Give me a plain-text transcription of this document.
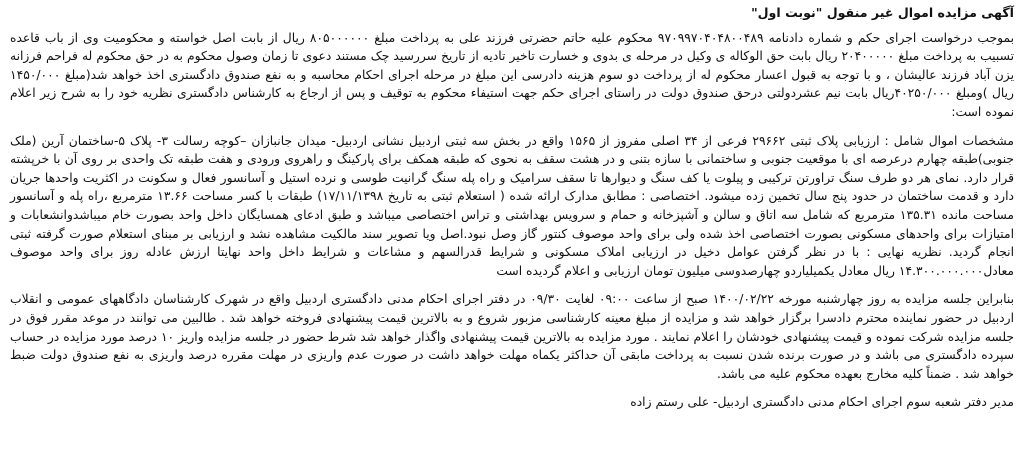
آگهی مزایده اموال غیر منقول "نوبت اول"

بموجب درخواست اجرای حکم و شماره دادنامه ۹۷۰۹۹۷۰۴۰۴۸۰۰۴۸۹ محکوم علیه حاتم حضرتی فرزند علی به پرداخت مبلغ ۸۰۵۰۰۰۰۰۰ ریال از بابت اصل خواسته و محکومیت وی از باب قاعده تسبیب به پرداخت مبلغ ۲۰۴۰۰۰۰۰ ریال بابت حق الوکاله ی وکیل در مرحله ی بدوی و خسارت تاخیر تادیه از تاریخ سررسید چک مستند دعوی تا زمان وصول محکوم به در حق محکوم له فراحم فرزانه یزن آباد فرزند عالیشان ، و با توجه به قبول اعسار محکوم له از پرداخت دو سوم هزینه دادرسی این مبلغ در مرحله اجرای احکام محاسبه و به نفع صندوق دادگستری اخذ خواهد شد(مبلغ ۱۴۵۰/۰۰۰ ریال )ومبلغ ۴۰۲۵۰/۰۰۰ریال بابت نیم عشردولتی درحق صندوق دولت در راستای اجرای حکم جهت استیفاء محکوم به توقیف و پس از ارجاع به کارشناس دادگستری نظریه خود را به شرح زیر اعلام نموده است:

مشخصات اموال شامل : ارزیابی پلاک ثبتی ۲۹۶۶۲ فرعی از ۳۴ اصلی مفروز از ۱۵۶۵ واقع در بخش سه ثبتی اردبیل نشانی اردبیل- میدان جانبازان –کوچه رسالت ۳- پلاک ۵-ساختمان آرین (ملک جنوبی)طبقه چهارم درعرصه ای با موقعیت جنوبی و ساختمانی با سازه بتنی و در هشت سقف به نحوی که طبقه همکف برای پارکینگ و راهروی ورودی و هفت طبقه تک واحدی بر روی آن با خرپشته قرار دارد. نمای هر دو طرف سنگ تراورتن ترکیبی و پیلوت یا کف سنگ و دیوارها تا سقف سرامیک و راه پله سنگ گرانیت طوسی و نرده استیل و آسانسور فعال و سکونت در اکثریت واحدها جریان دارد و قدمت ساختمان در حدود پنج سال تخمین زده میشود. اختصاصی : مطابق مدارک ارائه شده ( استعلام ثبتی به تاریخ ۱۷/۱۱/۱۳۹۸) طبقات با کسر مساحت ۱۳.۶۶ مترمربع ،راه پله و آسانسور مساحت مانده ۱۳۵.۳۱ مترمربع که شامل سه اتاق و سالن و آشپزخانه و حمام و سرویس بهداشتی و تراس اختصاصی میباشد و طبق ادعای همسایگان داخل واحد بصورت خام میباشدوانشعابات و امتیازات برای واحدهای مسکونی بصورت اختصاصی اخذ شده ولی برای واحد موصوف کنتور گاز وصل نبود.اصل ویا تصویر سند مالکیت مشاهده نشد و ارزیابی بر مبنای استعلام صورت گرفته ثبتی انجام گردید. نظریه نهایی : با در نظر گرفتن عوامل دخیل در ارزیابی املاک مسکونی و شرایط قدرالسهم و مشاعات و شرایط داخل واحد نهایتا ارزش عادله روز برای واحد موصوف معادل۱۴.۳۰۰.۰۰۰.۰۰۰ ریال معادل یکمیلیاردو چهارصدوسی میلیون تومان ارزیابی و اعلام گردیده است

بنابراین جلسه مزایده به روز چهارشنبه مورخه ۱۴۰۰/۰۲/۲۲ صبح از ساعت ۰۹:۰۰ لغایت ۰۹/۳۰ در دفتر اجرای احکام مدنی دادگستری اردبیل واقع در شهرک کارشناسان دادگاههای عمومی و انقلاب اردبیل در حضور نماینده محترم دادسرا برگزار خواهد شد و مزایده از مبلغ معینه کارشناسی مزبور شروع و به بالاترین قیمت پیشنهادی فروخته خواهد شد . طالبین می توانند در موعد مقرر فوق در جلسه مزایده شرکت نموده و قیمت پیشنهادی خودشان را اعلام نمایند . مورد مزایده به بالاترین قیمت پیشنهادی واگذار خواهد شد شرط حضور در جلسه مزایده واریز ۱۰ درصد مورد مزایده در حساب سپرده دادگستری می باشد و در صورت برنده شدن نسبت به پرداخت مابقی آن حداکثر یکماه مهلت خواهد داشت در صورت عدم واریزی در مهلت مقرره درصد واریزی به نفع صندوق دولت ضبط خواهد شد . ضمناً کلیه مخارج بعهده محکوم علیه می باشد.

مدیر دفتر شعبه سوم اجرای احکام مدنی دادگستری اردبیل- علی رستم زاده
